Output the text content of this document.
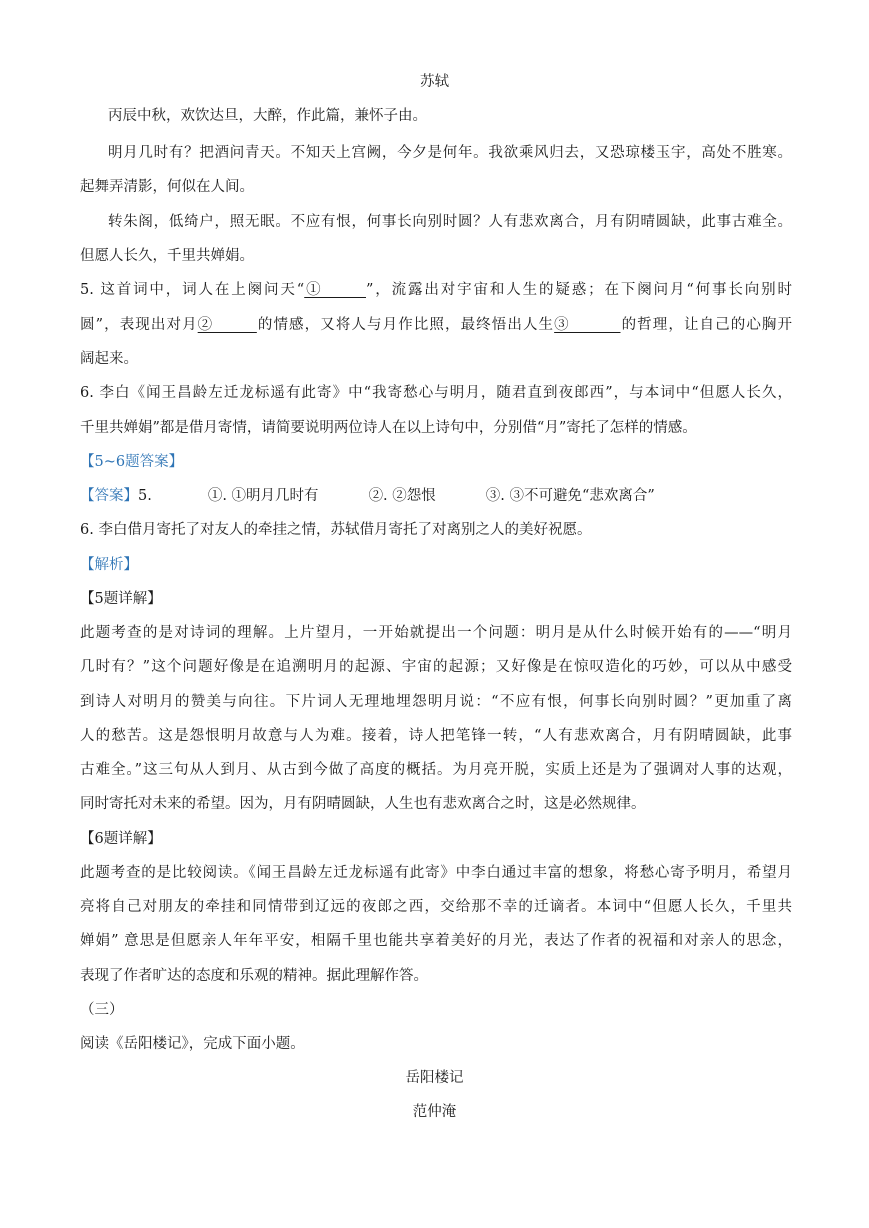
苏轼
丙辰中秋，欢饮达旦，大醉，作此篇，兼怀子由。
明月几时有？把酒问青天。不知天上宫阙，今夕是何年。我欲乘风归去，又恐琼楼玉宇，高处不胜寒。
起舞弄清影，何似在人间。
转朱阁，低绮户，照无眠。不应有恨，何事长向别时圆？人有悲欢离合，月有阴晴圆缺，此事古难全。
但愿人长久，千里共婵娟。
5. 这首词中，词人在上阕问天“①______”，流露出对宇宙和人生的疑惑；在下阕问月“何事长向别时
圆”，表现出对月②______的情感，又将人与月作比照，最终悟出人生③_______的哲理，让自己的心胸开
阔起来。
6. 李白《闻王昌龄左迁龙标遥有此寄》中“我寄愁心与明月，随君直到夜郎西”，与本词中“但愿人长久，
千里共婵娟”都是借月寄情，请简要说明两位诗人在以上诗句中，分别借“月”寄托了怎样的情感。
【5~6题答案】
【答案】5.	①. ①明月几时有	②. ②怨恨	③. ③不可避免“悲欢离合”
6. 李白借月寄托了对友人的牵挂之情，苏轼借月寄托了对离别之人的美好祝愿。
【解析】
【5题详解】
此题考查的是对诗词的理解。上片望月，一开始就提出一个问题：明月是从什么时候开始有的——“明月
几时有？”这个问题好像是在追溯明月的起源、宇宙的起源；又好像是在惊叹造化的巧妙，可以从中感受
到诗人对明月的赞美与向往。下片词人无理地埋怨明月说：“不应有恨，何事长向别时圆？”更加重了离
人的愁苦。这是怨恨明月故意与人为难。接着，诗人把笔锋一转，“人有悲欢离合，月有阴晴圆缺，此事
古难全。”这三句从人到月、从古到今做了高度的概括。为月亮开脱，实质上还是为了强调对人事的达观，
同时寄托对未来的希望。因为，月有阴晴圆缺，人生也有悲欢离合之时，这是必然规律。
【6题详解】
此题考查的是比较阅读。《闻王昌龄左迁龙标遥有此寄》中李白通过丰富的想象，将愁心寄予明月，希望月
亮将自己对朋友的牵挂和同情带到辽远的夜郎之西，交给那不幸的迁谪者。本词中“但愿人长久，千里共
婵娟” 意思是但愿亲人年年平安，相隔千里也能共享着美好的月光，表达了作者的祝福和对亲人的思念，
表现了作者旷达的态度和乐观的精神。据此理解作答。
（三）
阅读《岳阳楼记》，完成下面小题。
岳阳楼记
范仲淹
